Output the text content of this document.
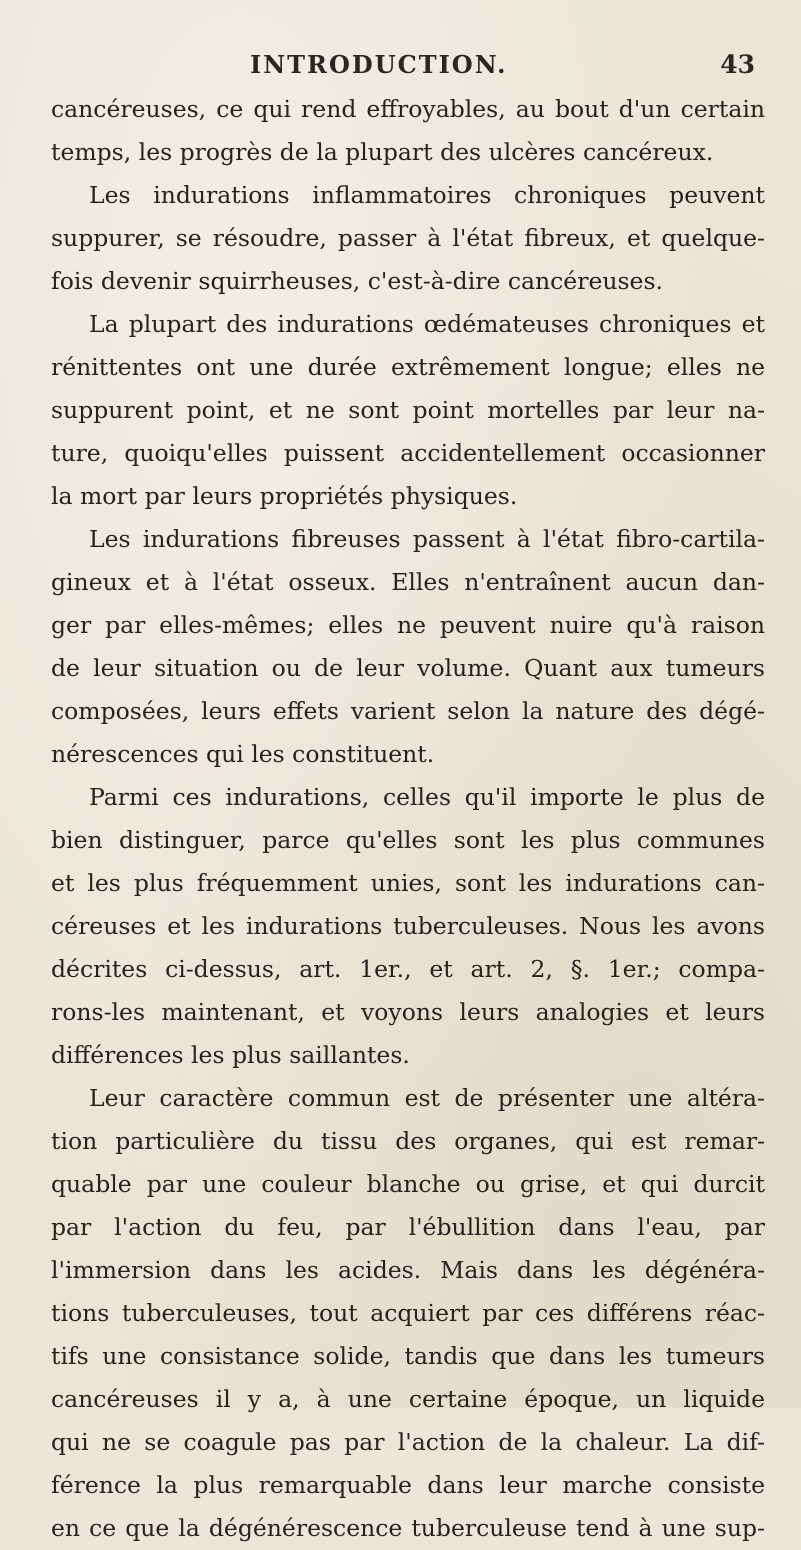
INTRODUCTION.	43
cancéreuses, ce qui rend effroyables, au bout d'un certain
temps, les progrès de la plupart des ulcères cancéreux.
Les indurations inflammatoires chroniques peuvent
suppurer, se résoudre, passer à l'état fibreux, et quelque-
fois devenir squirrheuses, c'est-à-dire cancéreuses.
La plupart des indurations œdémateuses chroniques et
rénittentes ont une durée extrêmement longue; elles ne
suppurent point, et ne sont point mortelles par leur na-
ture, quoiqu'elles puissent accidentellement occasionner
la mort par leurs propriétés physiques.
Les indurations fibreuses passent à l'état fibro-cartila-
gineux et à l'état osseux. Elles n'entraînent aucun dan-
ger par elles-mêmes; elles ne peuvent nuire qu'à raison
de leur situation ou de leur volume. Quant aux tumeurs
composées, leurs effets varient selon la nature des dégé-
nérescences qui les constituent.
Parmi ces indurations, celles qu'il importe le plus de
bien distinguer, parce qu'elles sont les plus communes
et les plus fréquemment unies, sont les indurations can-
céreuses et les indurations tuberculeuses. Nous les avons
décrites ci-dessus, art. 1er., et art. 2, §. 1er.; compa-
rons-les maintenant, et voyons leurs analogies et leurs
différences les plus saillantes.
Leur caractère commun est de présenter une altéra-
tion particulière du tissu des organes, qui est remar-
quable par une couleur blanche ou grise, et qui durcit
par l'action du feu, par l'ébullition dans l'eau, par
l'immersion dans les acides. Mais dans les dégénéra-
tions tuberculeuses, tout acquiert par ces différens réac-
tifs une consistance solide, tandis que dans les tumeurs
cancéreuses il y a, à une certaine époque, un liquide
qui ne se coagule pas par l'action de la chaleur. La dif-
férence la plus remarquable dans leur marche consiste
en ce que la dégénérescence tuberculeuse tend à une sup-
